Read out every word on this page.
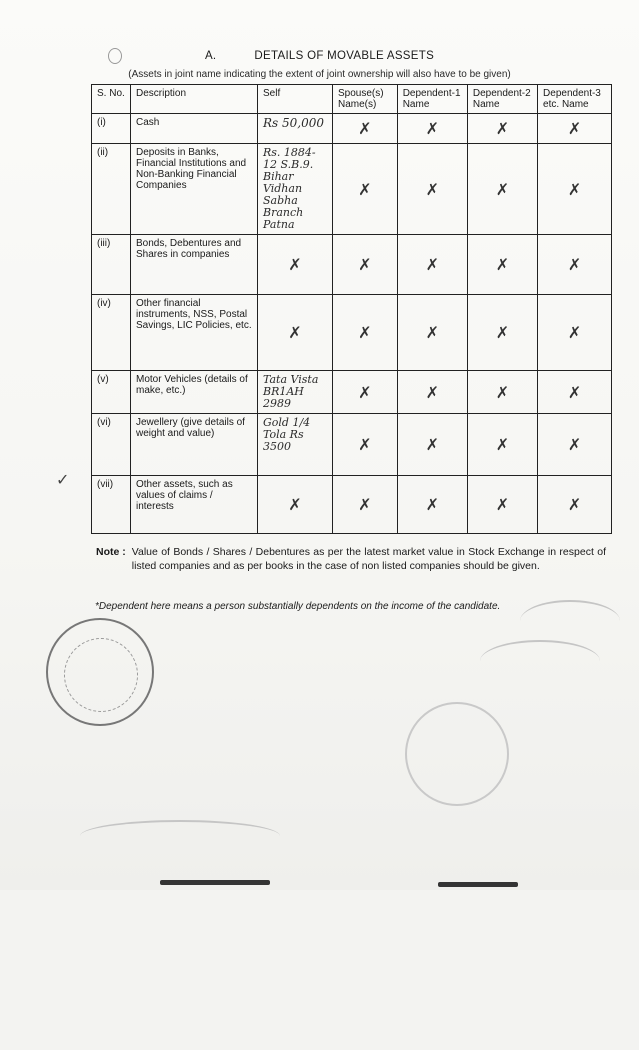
A.	DETAILS OF MOVABLE ASSETS
(Assets in joint name indicating the extent of joint ownership will also have to be given)
S. No.	Description	Self	Spouse(s) Name(s)	Dependent-1 Name	Dependent-2 Name	Dependent-3 etc. Name
(i)	Cash	Rs 50,000	✗	✗	✗	✗
(ii)	Deposits in Banks, Financial Institutions and Non-Banking Financial Companies	Rs. 1884-12 S.B.9. Bihar Vidhan Sabha Branch Patna	✗	✗	✗	✗
(iii)	Bonds, Debentures and Shares in companies	✗	✗	✗	✗	✗
(iv)	Other financial instruments, NSS, Postal Savings, LIC Policies, etc.	✗	✗	✗	✗	✗
(v)	Motor Vehicles (details of make, etc.)	Tata Vista BR1AH 2989	✗	✗	✗	✗
(vi)	Jewellery (give details of weight and value)	Gold 1/4 Tola Rs 3500	✗	✗	✗	✗
(vii)	Other assets, such as values of claims / interests	✗	✗	✗	✗	✗
✓
Note : Value of Bonds / Shares / Debentures as per the latest market value in Stock Exchange in respect of listed companies and as per books in the case of non listed companies should be given.
*Dependent here means a person substantially dependents on the income of the candidate.
